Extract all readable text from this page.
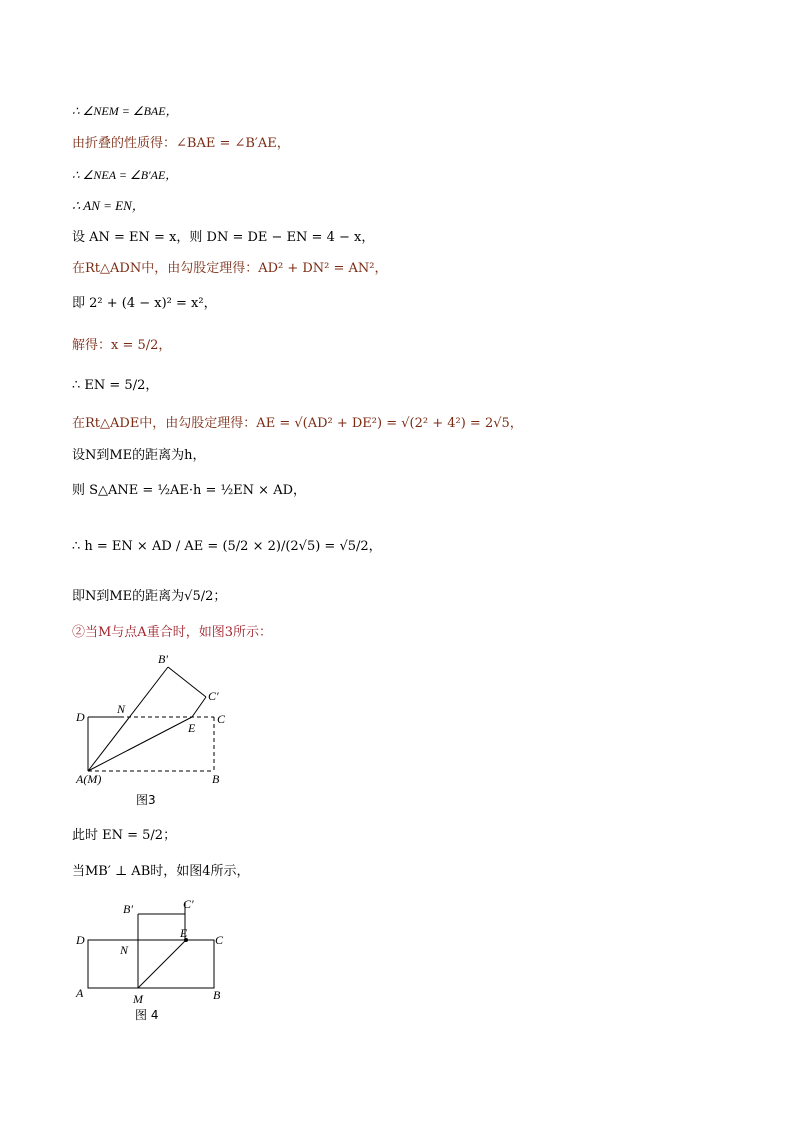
∴ ∠NEM = ∠BAE，
由折叠的性质得：∠BAE = ∠B′AE，
∴ ∠NEA = ∠B′AE，
∴ AN = EN，
设 AN = EN = x，则 DN = DE − EN = 4 − x，
在Rt△ADN中，由勾股定理得：AD² + DN² = AN²，
即 2² + (4 − x)² = x²，
解得：x = 5/2，
∴ EN = 5/2，
在Rt△ADE中，由勾股定理得：AE = √(AD² + DE²) = √(2² + 4²) = 2√5，
设N到ME的距离为h，
则 S△ANE = ½AE·h = ½EN × AD，
∴ h = EN × AD / AE = (5/2 × 2)/(2√5) = √5/2，
即N到ME的距离为√5/2；
②当M与点A重合时，如图3所示：
B′
C′
D
N
C
E
A(M)	B
图3
此时 EN = 5/2；
当MB′ ⊥ AB时，如图4所示，
B′	C′
D
N
E C
A	M	B
图 4
